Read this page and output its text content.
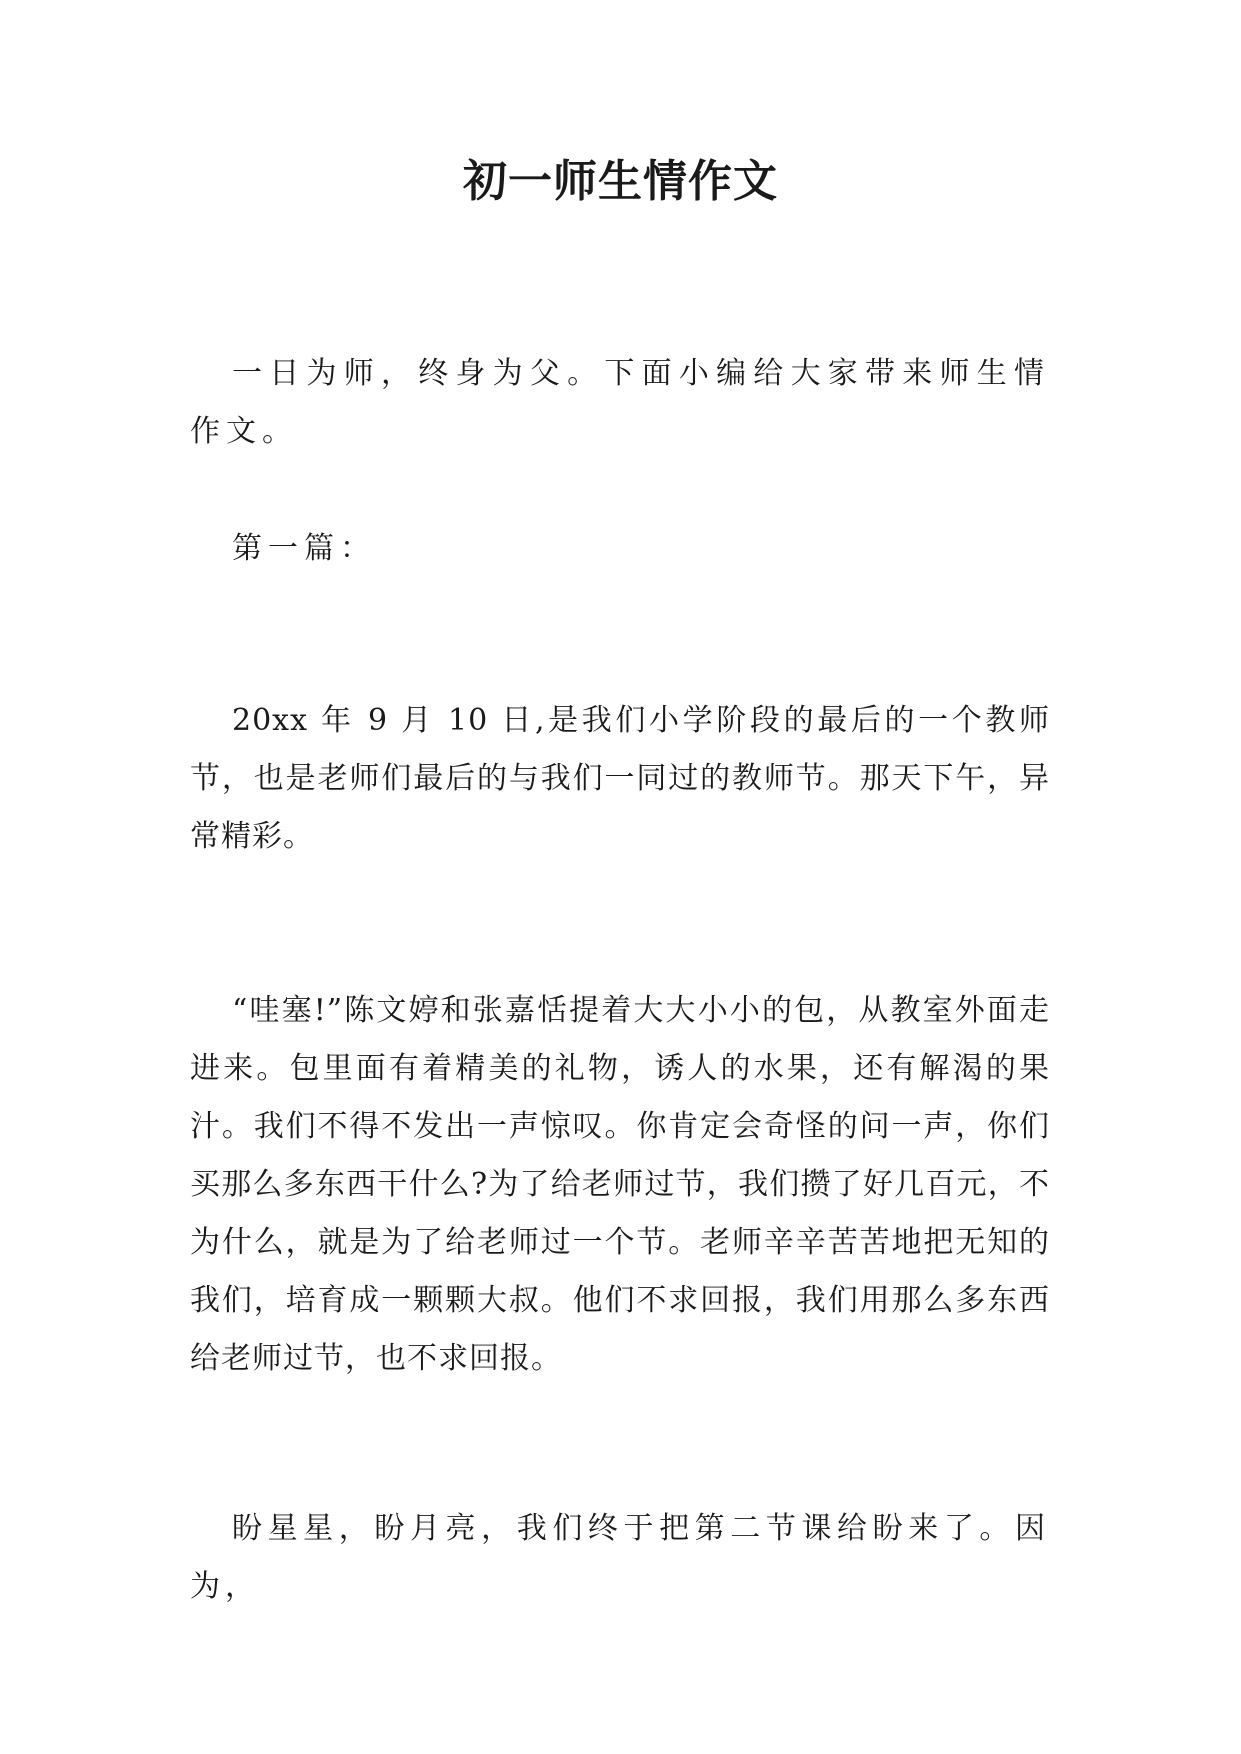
初一师生情作文

一日为师，终身为父。下面小编给大家带来师生情作文。

第一篇：

20xx 年 9 月 10 日,是我们小学阶段的最后的一个教师节，也是老师们最后的与我们一同过的教师节。那天下午，异常精彩。

“哇塞!”陈文婷和张嘉恬提着大大小小的包，从教室外面走进来。包里面有着精美的礼物，诱人的水果，还有解渴的果汁。我们不得不发出一声惊叹。你肯定会奇怪的问一声，你们买那么多东西干什么?为了给老师过节，我们攒了好几百元，不为什么，就是为了给老师过一个节。老师辛辛苦苦地把无知的我们，培育成一颗颗大叔。他们不求回报，我们用那么多东西给老师过节，也不求回报。

盼星星，盼月亮，我们终于把第二节课给盼来了。因为，
